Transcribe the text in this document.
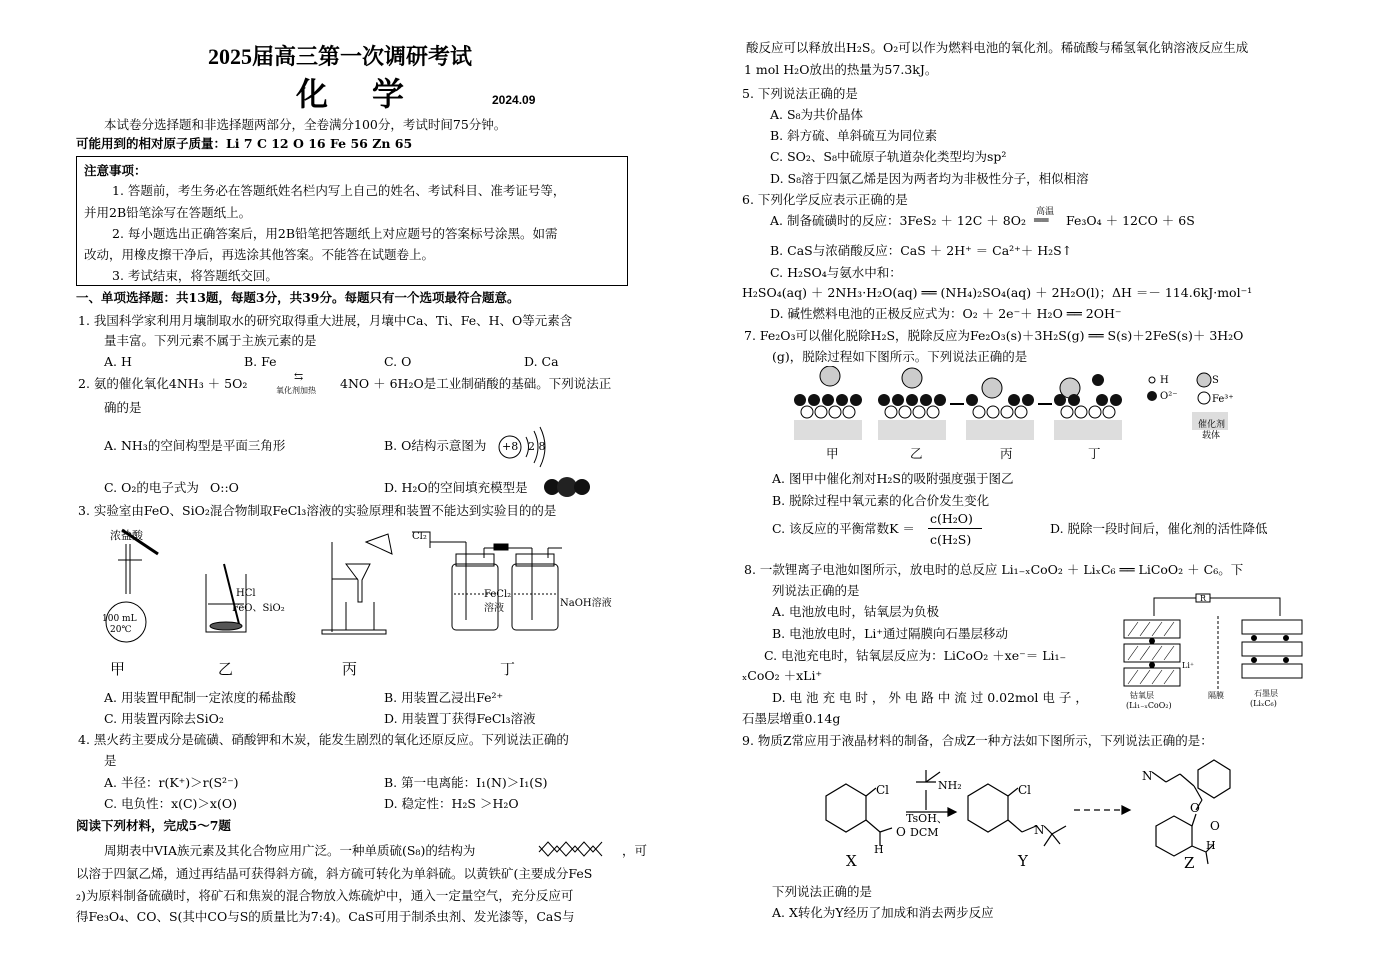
2025届高三第一次调研考试
化 学	2024.09
本试卷分选择题和非选择题两部分，全卷满分100分，考试时间75分钟。
可能用到的相对原子质量：Li 7 C 12 O 16 Fe 56 Zn 65
注意事项：
1. 答题前，考生务必在答题纸姓名栏内写上自己的姓名、考试科目、准考证号等，
并用2B铅笔涂写在答题纸上。
2. 每小题选出正确答案后，用2B铅笔把答题纸上对应题号的答案标号涂黑。如需
改动，用橡皮擦干净后，再选涂其他答案。不能答在试题卷上。
3. 考试结束，将答题纸交回。
一、单项选择题：共13题，每题3分，共39分。每题只有一个选项最符合题意。
1. 我国科学家利用月壤制取水的研究取得重大进展，月壤中Ca、Ti、Fe、H、O等元素含
量丰富。下列元素不属于主族元素的是
A. H	B. Fe	C. O	D. Ca
2. 氨的催化氧化4NH₃ ＋ 5O₂	⇆
氧化剂加热 4NO ＋ 6H₂O是工业制硝酸的基础。下列说法正
确的是
A. NH₃的空间构型是平面三角形	B. O结构示意图为 +8 2 8
C. O₂的电子式为 O::O	D. H₂O的空间填充模型是
3. 实验室由FeO、SiO₂混合物制取FeCl₃溶液的实验原理和装置不能达到实验目的的是
浓盐酸
100 mL
20℃
HCl
FeO、SiO₂
Cl₂
FeCl₂
溶液	NaOH溶液
甲	乙	丙	丁
A. 用装置甲配制一定浓度的稀盐酸	B. 用装置乙浸出Fe²⁺
C. 用装置丙除去SiO₂	D. 用装置丁获得FeCl₃溶液
4. 黑火药主要成分是硫磺、硝酸钾和木炭，能发生剧烈的氧化还原反应。下列说法正确的
是
A. 半径：r(K⁺)＞r(S²⁻)	B. 第一电离能：I₁(N)＞I₁(S)
C. 电负性：x(C)＞x(O)	D. 稳定性：H₂S ＞H₂O
阅读下列材料，完成5～7题
周期表中VIA族元素及其化合物应用广泛。一种单质硫(S₈)的结构为	，可
以溶于四氯乙烯，通过再结晶可获得斜方硫，斜方硫可转化为单斜硫。以黄铁矿(主要成分FeS
₂)为原料制备硫磺时，将矿石和焦炭的混合物放入炼硫炉中，通入一定量空气，充分反应可
得Fe₃O₄、CO、S(其中CO与S的质量比为7:4)。CaS可用于制杀虫剂、发光漆等，CaS与
酸反应可以释放出H₂S。O₂可以作为燃料电池的氧化剂。稀硫酸与稀氢氧化钠溶液反应生成
1 mol H₂O放出的热量为57.3kJ。
5. 下列说法正确的是
A. S₈为共价晶体
B. 斜方硫、单斜硫互为同位素
C. SO₂、S₈中硫原子轨道杂化类型均为sp²
D. S₈溶于四氯乙烯是因为两者均为非极性分子，相似相溶
6. 下列化学反应表示正确的是
A. 制备硫磺时的反应：3FeS₂ ＋ 12C ＋ 8O₂
高温
══ Fe₃O₄ ＋ 12CO ＋ 6S
B. CaS与浓硝酸反应：CaS ＋ 2H⁺ ＝ Ca²⁺＋ H₂S↑
C. H₂SO₄与氨水中和：
H₂SO₄(aq) ＋ 2NH₃·H₂O(aq) ══ (NH₄)₂SO₄(aq) ＋ 2H₂O(l)；ΔH ＝－ 114.6kJ·mol⁻¹
D. 碱性燃料电池的正极反应式为：O₂ ＋ 2e⁻＋ H₂O ══ 2OH⁻
7. Fe₂O₃可以催化脱除H₂S，脱除反应为Fe₂O₃(s)＋3H₂S(g) ══ S(s)＋2FeS(s)＋ 3H₂O
(g)，脱除过程如下图所示。下列说法正确的是
H	S
O²⁻	Fe³⁺
催化剂
载体
甲	乙	丙	丁
A. 图甲中催化剂对H₂S的吸附强度强于图乙
B. 脱除过程中氧元素的化合价发生变化
C. 该反应的平衡常数K ＝
c(H₂O)
c(H₂S)
D. 脱除一段时间后，催化剂的活性降低
8. 一款锂离子电池如图所示，放电时的总反应 Li₁₋ₓCoO₂ ＋ LiₓC₆ ══ LiCoO₂ ＋ C₆。下
列说法正确的是
A. 电池放电时，钴氧层为负极
B. 电池放电时，Li⁺通过隔膜向石墨层移动
C. 电池充电时，钴氧层反应为：LiCoO₂ ＋xe⁻＝ Li₁₋
ₓCoO₂ ＋xLi⁺
D. 电 池 充 电 时 ， 外 电 路 中 流 过 0.02mol 电 子 ，
石墨层增重0.14g
R
Li⁺
钴氧层
(Li₁₋ₓCoO₂)
隔膜	石墨层
(LiₓC₆)
9. 物质Z常应用于液晶材料的制备，合成Z一种方法如下图所示，下列说法正确的是：
Cl
O
H
NH₂	Cl
N
N
O
O
H
TsOH、
DCM
X	Y	Z
下列说法正确的是
A. X转化为Y经历了加成和消去两步反应
